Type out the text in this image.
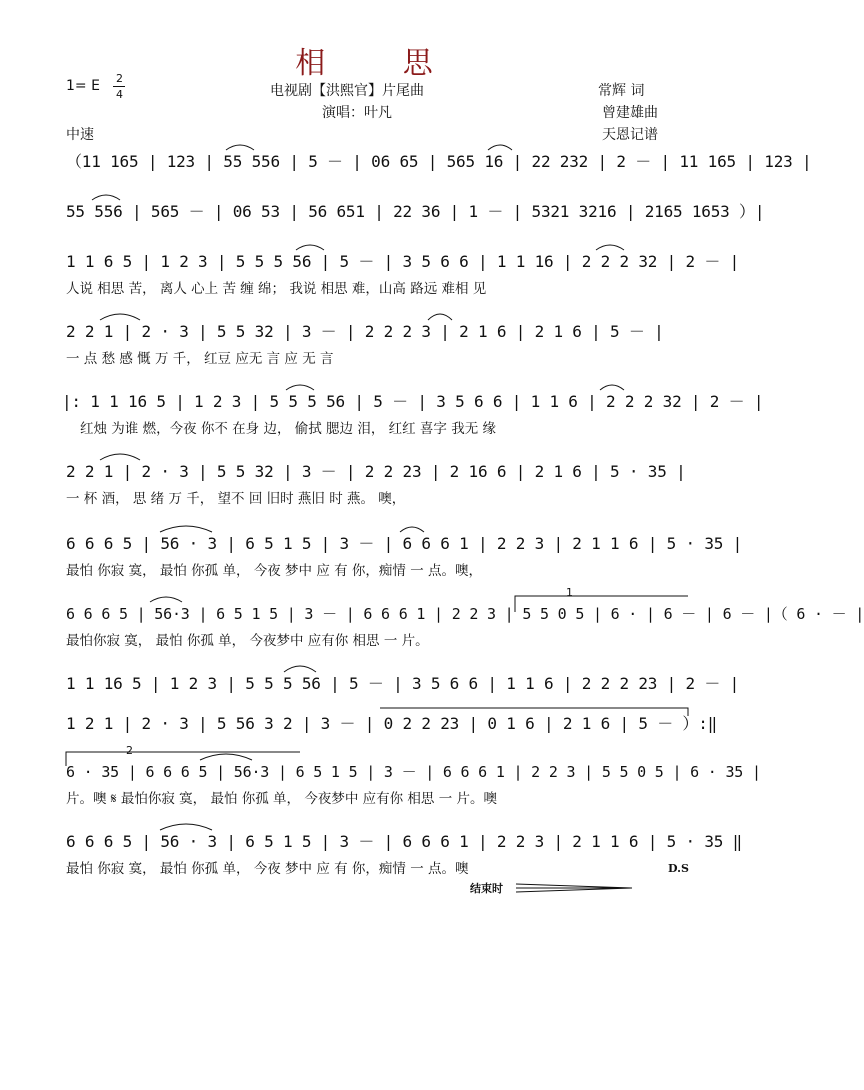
相 思
1= E 2
4	电视剧【洪熙官】片尾曲
演唱：叶凡
常辉 词
曾建雄曲
天恩记谱
中速
（11 165 | 123 | 55 556 | 5 － | 06 65 | 565 16 | 22 232 | 2 － | 11 165 | 123 |
55 556 | 565 － | 06 53 | 56 651 | 22 36 | 1 － | 5321 3216 | 2165 1653 ）|
1 1 6 5 | 1 2 3 | 5 5 5 56 | 5 － | 3 5 6 6 | 1 1 16 | 2 2 2 32 | 2 － |
人说 相思 苦， 离人 心上 苦 缠 绵； 我说 相思 难，山高 路远 难相 见
2 2 1 | 2 · 3 | 5 5 32 | 3 － | 2 2 2 3 | 2 1 6 | 2 1 6 | 5 － |
一 点 愁 感 慨 万 千， 红豆 应无 言 应 无 言
|: 1 1 16 5 | 1 2 3 | 5 5 5 56 | 5 － | 3 5 6 6 | 1 1 6 | 2 2 2 32 | 2 － |
红烛 为谁 燃，今夜 你不 在身 边， 偷拭 腮边 泪， 红红 喜字 我无 缘
2 2 1 | 2 · 3 | 5 5 32 | 3 － | 2 2 23 | 2 16 6 | 2 1 6 | 5 · 35 |
一 杯 酒， 思 绪 万 千， 望不 回 旧时 燕旧 时 燕。 噢，
6 6 6 5 | 56 · 3 | 6 5 1 5 | 3 － | 6 6 6 1 | 2 2 3 | 2 1 1 6 | 5 · 35 |
最怕 你寂 寞， 最怕 你孤 单， 今夜 梦中 应 有 你，痴情 一 点。噢，
6 6 6 5 | 56·3 | 6 5 1 5 | 3 － | 6 6 6 1 | 2 2 3 | 5 5 0 5 | 6 · | 6 － | 6 － |（ 6 · － |
最怕你寂 寞， 最怕 你孤 单， 今夜梦中 应有你 相思 一 片。
1
1 1 16 5 | 1 2 3 | 5 5 5 56 | 5 － | 3 5 6 6 | 1 1 6 | 2 2 2 23 | 2 － |
1 2 1 | 2 · 3 | 5 56 3 2 | 3 － | 0 2 2 23 | 0 1 6 | 2 1 6 | 5 － ）:‖
2
6 · 35 | 6 6 6 5 | 56·3 | 6 5 1 5 | 3 － | 6 6 6 1 | 2 2 3 | 5 5 0 5 | 6 · 35 |
片。噢 𝄋 最怕你寂 寞， 最怕 你孤 单， 今夜梦中 应有你 相思 一 片。噢
6 6 6 5 | 56 · 3 | 6 5 1 5 | 3 － | 6 6 6 1 | 2 2 3 | 2 1 1 6 | 5 · 35 ‖
最怕 你寂 寞， 最怕 你孤 单， 今夜 梦中 应 有 你，痴情 一 点。噢	D.S
结束时
